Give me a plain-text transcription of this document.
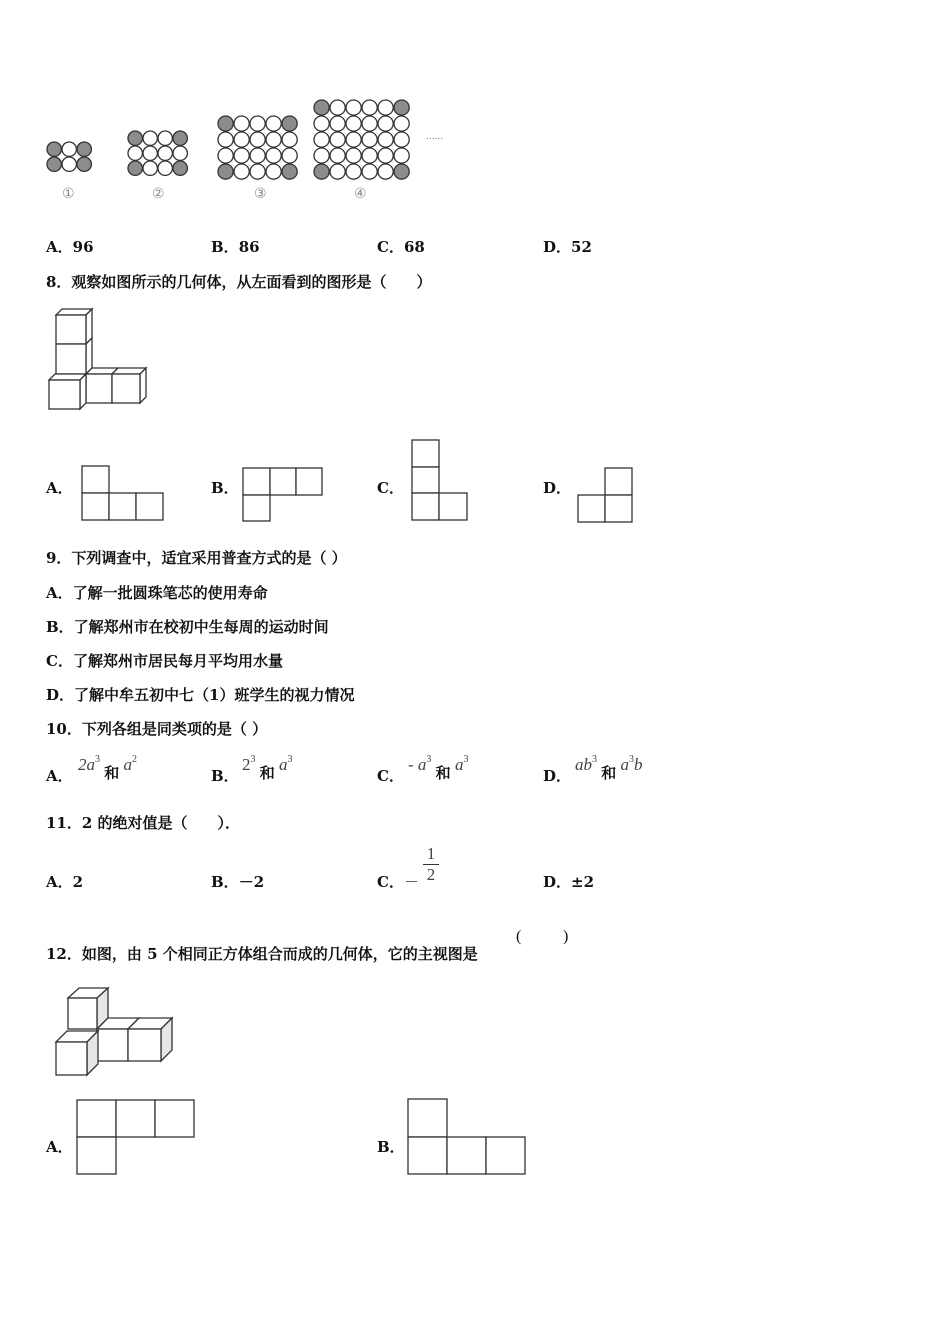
①	②	③	④
......
A．96	B．86	C．68	D．52
8．观察如图所示的几何体，从左面看到的图形是（　　）
A．	B．	C．	D．
9．下列调查中，适宜采用普查方式的是（ ）
A．了解一批圆珠笔芯的使用寿命
B．了解郑州市在校初中生每周的运动时间
C．了解郑州市居民每月平均用水量
D．了解中牟五初中七（1）班学生的视力情况
10．下列各组是同类项的是（ ）
A．
$2a^3$ 和 $a^2$
B．
$2^3$ 和 $a^3$
C．
- $a^3$ 和 $a^3$
D．
$ab^3$ 和 $a^3b$
11．2 的绝对值是（　　）．
A．2	B．－2	C．－
1
2	D．±2
12．如图，由 5 个相同正方体组合而成的几何体，它的主视图是
(	)
A．	B．
